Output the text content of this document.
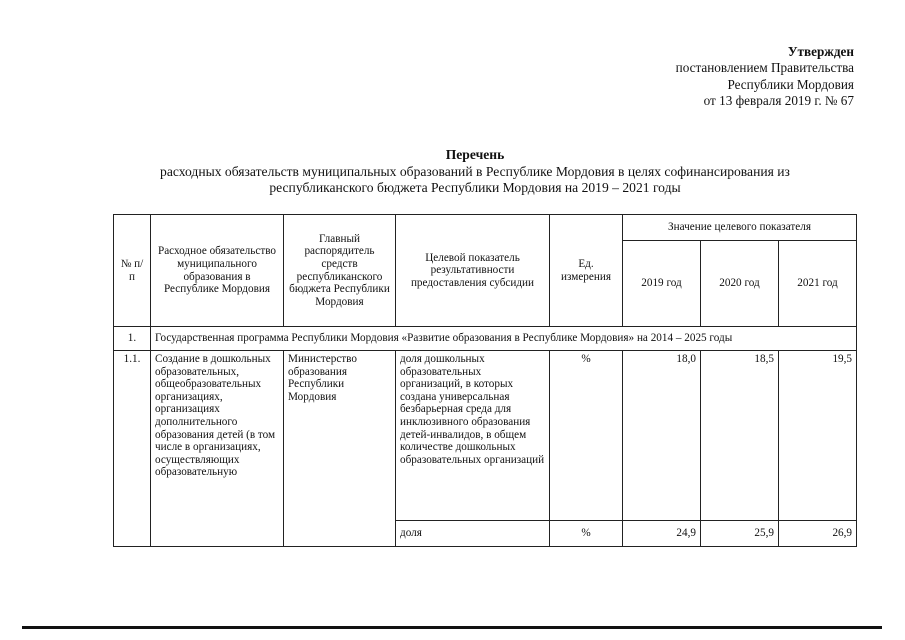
Утвержден
постановлением Правительства
Республики Мордовия
от 13 февраля 2019 г. № 67
Перечень
расходных обязательств муниципальных образований в Республике Мордовия в целях софинансирования из
республиканского бюджета Республики Мордовия на 2019 – 2021 годы
№ п/п	Расходное обязательство муниципального образования в Республике Мордовия	Главный распорядитель средств республиканского бюджета Республики Мордовия	Целевой показатель результативности предоставления субсидии	Ед. измерения	Значение целевого показателя		
					2019 год	2020 год	2021 год
1.	Государственная программа Республики Мордовия «Развитие образования в Республике Мордовия» на 2014 – 2025 годы						
1.1.	Создание в дошкольных образовательных, общеобразовательных организациях, организациях дополнительного образования детей (в том числе в организациях, осуществляющих образовательную	Министерство образования Республики Мордовия	доля дошкольных образовательных организаций, в которых создана универсальная безбарьерная среда для инклюзивного образования детей-инвалидов, в общем количестве дошкольных образовательных организаций	%	18,0	18,5	19,5
			доля	%	24,9	25,9	26,9
